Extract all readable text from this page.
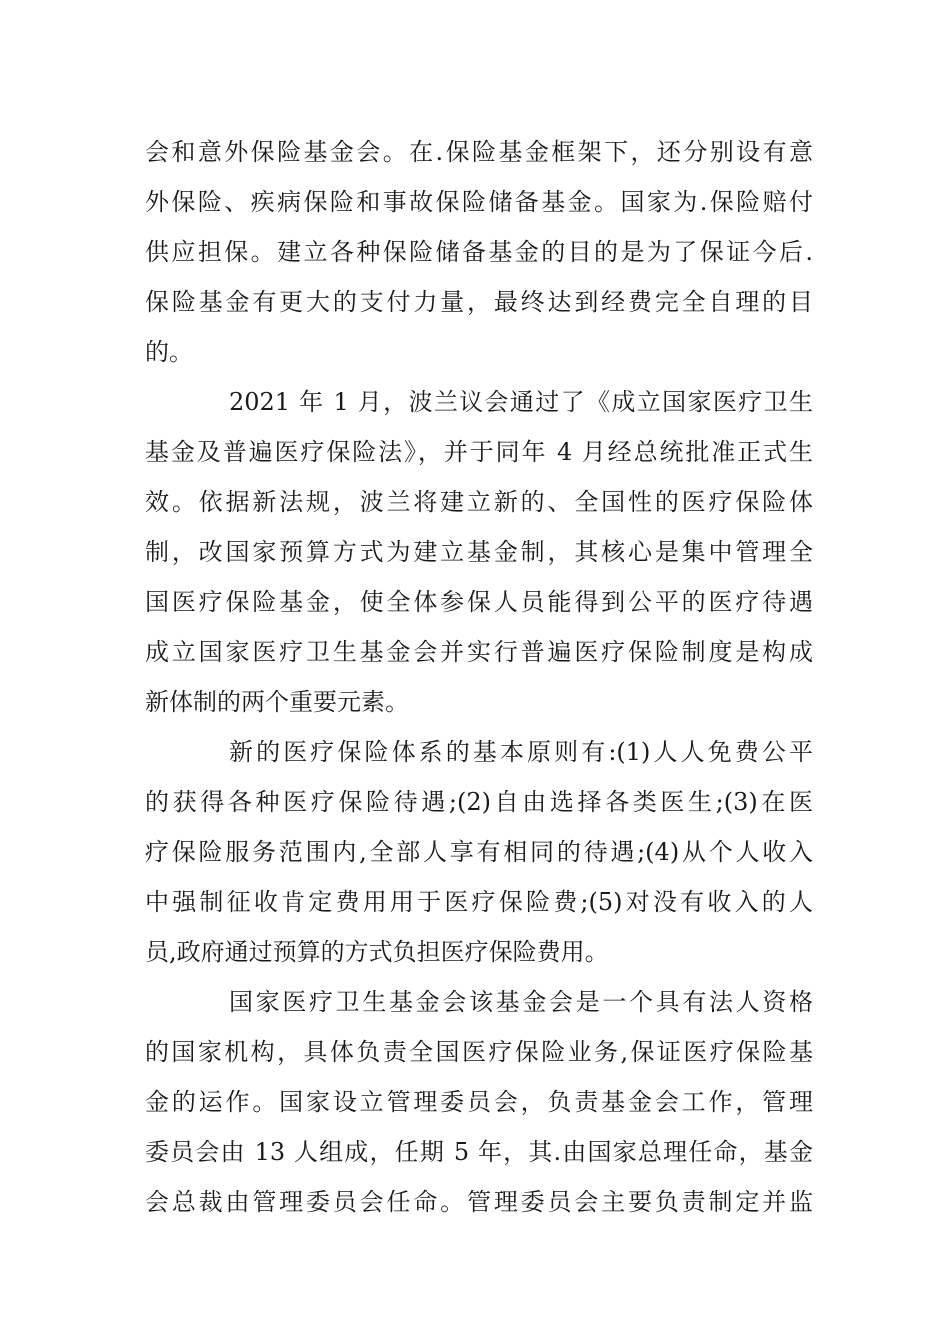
会和意外保险基金会。在.保险基金框架下，还分别设有意
外保险、疾病保险和事故保险储备基金。国家为.保险赔付
供应担保。建立各种保险储备基金的目的是为了保证今后.
保险基金有更大的支付力量，最终达到经费完全自理的目
的。
2021 年 1 月，波兰议会通过了《成立国家医疗卫生
基金及普遍医疗保险法》，并于同年 4 月经总统批准正式生
效。依据新法规，波兰将建立新的、全国性的医疗保险体
制，改国家预算方式为建立基金制，其核心是集中管理全
国医疗保险基金，使全体参保人员能得到公平的医疗待遇
成立国家医疗卫生基金会并实行普遍医疗保险制度是构成
新体制的两个重要元素。
新的医疗保险体系的基本原则有:(1)人人免费公平
的获得各种医疗保险待遇;(2)自由选择各类医生;(3)在医
疗保险服务范围内,全部人享有相同的待遇;(4)从个人收入
中强制征收肯定费用用于医疗保险费;(5)对没有收入的人
员,政府通过预算的方式负担医疗保险费用。
国家医疗卫生基金会该基金会是一个具有法人资格
的国家机构，具体负责全国医疗保险业务,保证医疗保险基
金的运作。国家设立管理委员会，负责基金会工作，管理
委员会由 13 人组成，任期 5 年，其.由国家总理任命，基金
会总裁由管理委员会任命。管理委员会主要负责制定并监
